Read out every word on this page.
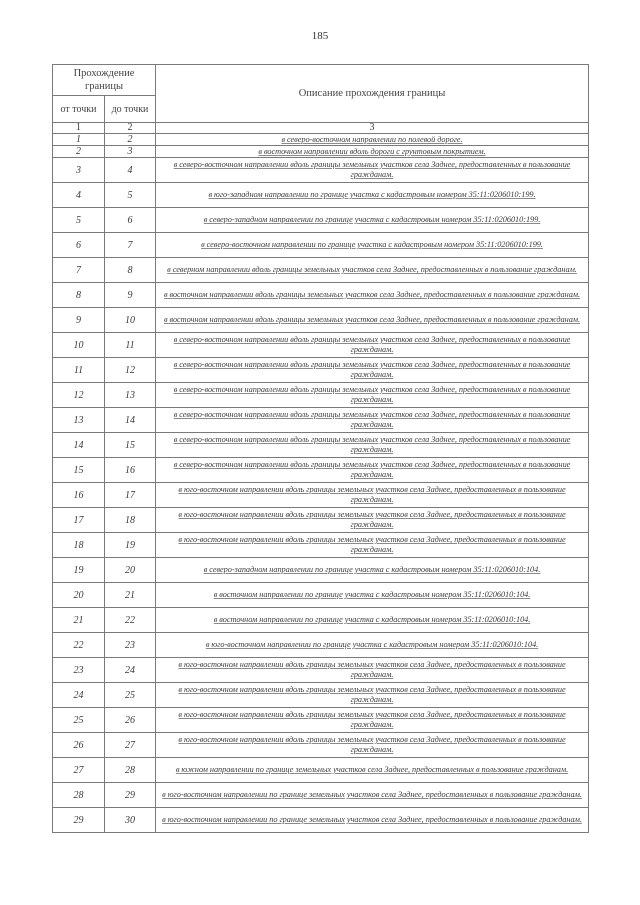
185
Прохождение границы		Описание прохождения границы
от точки	до точки	
1	2	3
1	2	в северо-восточном направлении по полевой дороге.
2	3	в восточном направлении вдоль дороги с грунтовым покрытием.
3	4	в северо-восточном направлении вдоль границы земельных участков села Заднее, предоставленных в пользование гражданам.
4	5	в юго-западном направлении по границе участка с кадастровым номером 35:11:0206010:199.
5	6	в северо-западном направлении по границе участка с кадастровым номером 35:11:0206010:199.
6	7	в северо-восточном направлении по границе участка с кадастровым номером 35:11:0206010:199.
7	8	в северном направлении вдоль границы земельных участков села Заднее, предоставленных в пользование гражданам.
8	9	в восточном направлении вдоль границы земельных участков села Заднее, предоставленных в пользование гражданам.
9	10	в восточном направлении вдоль границы земельных участков села Заднее, предоставленных в пользование гражданам.
10	11	в северо-восточном направлении вдоль границы земельных участков села Заднее, предоставленных в пользование гражданам.
11	12	в северо-восточном направлении вдоль границы земельных участков села Заднее, предоставленных в пользование гражданам.
12	13	в северо-восточном направлении вдоль границы земельных участков села Заднее, предоставленных в пользование гражданам.
13	14	в северо-восточном направлении вдоль границы земельных участков села Заднее, предоставленных в пользование гражданам.
14	15	в северо-восточном направлении вдоль границы земельных участков села Заднее, предоставленных в пользование гражданам.
15	16	в северо-восточном направлении вдоль границы земельных участков села Заднее, предоставленных в пользование гражданам.
16	17	в юго-восточном направлении вдоль границы земельных участков села Заднее, предоставленных в пользование гражданам.
17	18	в юго-восточном направлении вдоль границы земельных участков села Заднее, предоставленных в пользование гражданам.
18	19	в юго-восточном направлении вдоль границы земельных участков села Заднее, предоставленных в пользование гражданам.
19	20	в северо-западном направлении по границе участка с кадастровым номером 35:11:0206010:104.
20	21	в восточном направлении по границе участка с кадастровым номером 35:11:0206010:104.
21	22	в восточном направлении по границе участка с кадастровым номером 35:11:0206010:104.
22	23	в юго-восточном направлении по границе участка с кадастровым номером 35:11:0206010:104.
23	24	в юго-восточном направлении вдоль границы земельных участков села Заднее, предоставленных в пользование гражданам.
24	25	в юго-восточном направлении вдоль границы земельных участков села Заднее, предоставленных в пользование гражданам.
25	26	в юго-восточном направлении вдоль границы земельных участков села Заднее, предоставленных в пользование гражданам.
26	27	в юго-восточном направлении вдоль границы земельных участков села Заднее, предоставленных в пользование гражданам.
27	28	в южном направлении по границе земельных участков села Заднее, предоставленных в пользование гражданам.
28	29	в юго-восточном направлении по границе земельных участков села Заднее, предоставленных в пользование гражданам.
29	30	в юго-восточном направлении по границе земельных участков села Заднее, предоставленных в пользование гражданам.
